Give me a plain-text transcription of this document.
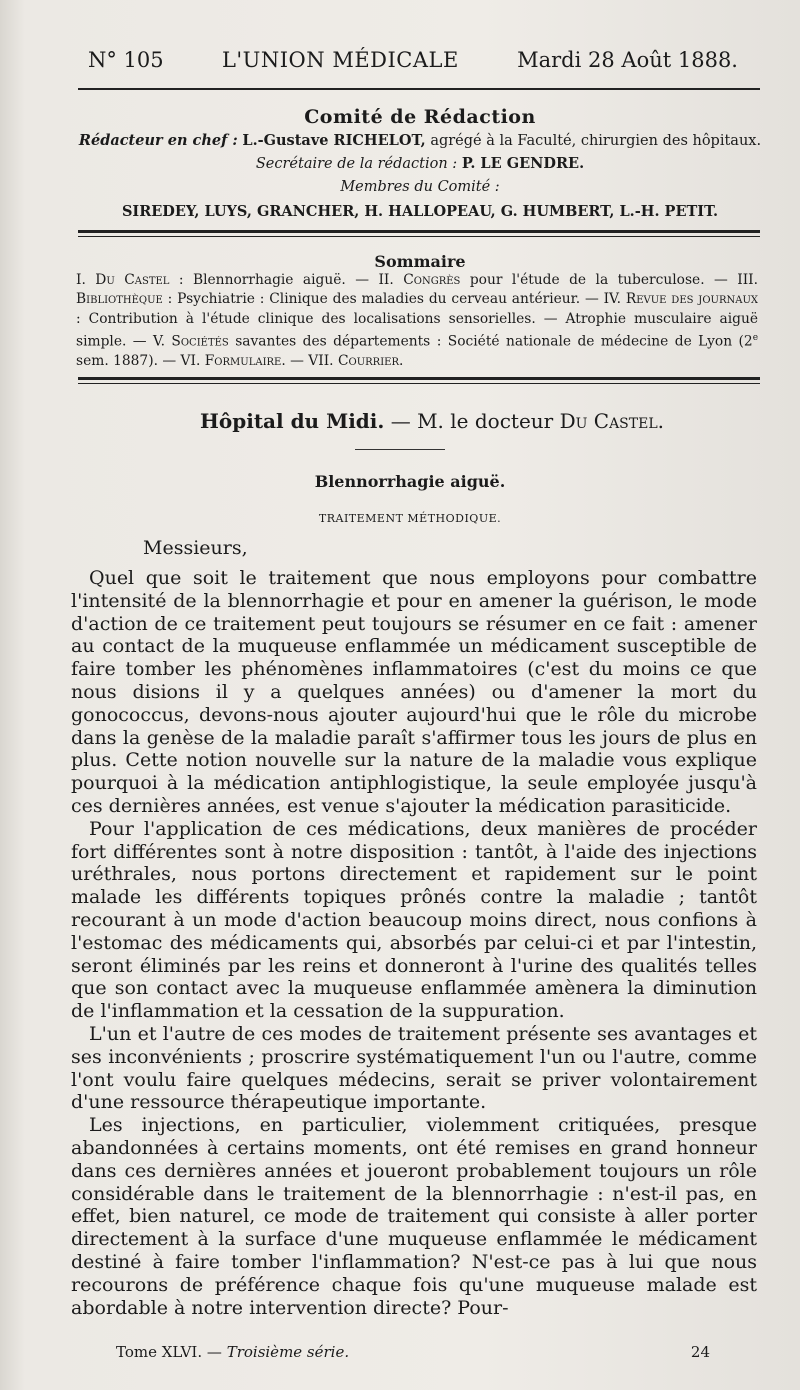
N° 105	L'UNION MÉDICALE	Mardi 28 Août 1888.
Comité de Rédaction
Rédacteur en chef : L.-Gustave RICHELOT, agrégé à la Faculté, chirurgien des hôpitaux.
Secrétaire de la rédaction : P. LE GENDRE.
Membres du Comité :
SIREDEY, LUYS, GRANCHER, H. HALLOPEAU, G. HUMBERT, L.-H. PETIT.
Sommaire
I. Du Castel : Blennorrhagie aiguë. — II. Congrès pour l'étude de la tuberculose. — III. Bibliothèque : Psychiatrie : Clinique des maladies du cerveau antérieur. — IV. Revue des journaux : Contribution à l'étude clinique des localisations sensorielles. — Atrophie musculaire aiguë simple. — V. Sociétés savantes des départements : Société nationale de médecine de Lyon (2e sem. 1887). — VI. Formulaire. — VII. Courrier.
Hôpital du Midi. — M. le docteur Du Castel.
Blennorrhagie aiguë.
TRAITEMENT MÉTHODIQUE.
Messieurs,

Quel que soit le traitement que nous employons pour combattre l'intensité de la blennorrhagie et pour en amener la guérison, le mode d'action de ce traitement peut toujours se résumer en ce fait : amener au contact de la muqueuse enflammée un médicament susceptible de faire tomber les phénomènes inflammatoires (c'est du moins ce que nous disions il y a quelques années) ou d'amener la mort du gonococcus, devons-nous ajouter aujourd'hui que le rôle du microbe dans la genèse de la maladie paraît s'affirmer tous les jours de plus en plus. Cette notion nouvelle sur la nature de la maladie vous explique pourquoi à la médication antiphlogistique, la seule employée jusqu'à ces dernières années, est venue s'ajouter la médication parasiticide.

Pour l'application de ces médications, deux manières de procéder fort différentes sont à notre disposition : tantôt, à l'aide des injections uréthrales, nous portons directement et rapidement sur le point malade les différents topiques prônés contre la maladie ; tantôt recourant à un mode d'action beaucoup moins direct, nous confions à l'estomac des médicaments qui, absorbés par celui-ci et par l'intestin, seront éliminés par les reins et donneront à l'urine des qualités telles que son contact avec la muqueuse enflammée amènera la diminution de l'inflammation et la cessation de la suppuration.

L'un et l'autre de ces modes de traitement présente ses avantages et ses inconvénients ; proscrire systématiquement l'un ou l'autre, comme l'ont voulu faire quelques médecins, serait se priver volontairement d'une ressource thérapeutique importante.

Les injections, en particulier, violemment critiquées, presque abandonnées à certains moments, ont été remises en grand honneur dans ces dernières années et joueront probablement toujours un rôle considérable dans le traitement de la blennorrhagie : n'est-il pas, en effet, bien naturel, ce mode de traitement qui consiste à aller porter directement à la surface d'une muqueuse enflammée le médicament destiné à faire tomber l'inflammation? N'est-ce pas à lui que nous recourons de préférence chaque fois qu'une muqueuse malade est abordable à notre intervention directe? Pour-

Tome XLVI. — Troisième série.	24
